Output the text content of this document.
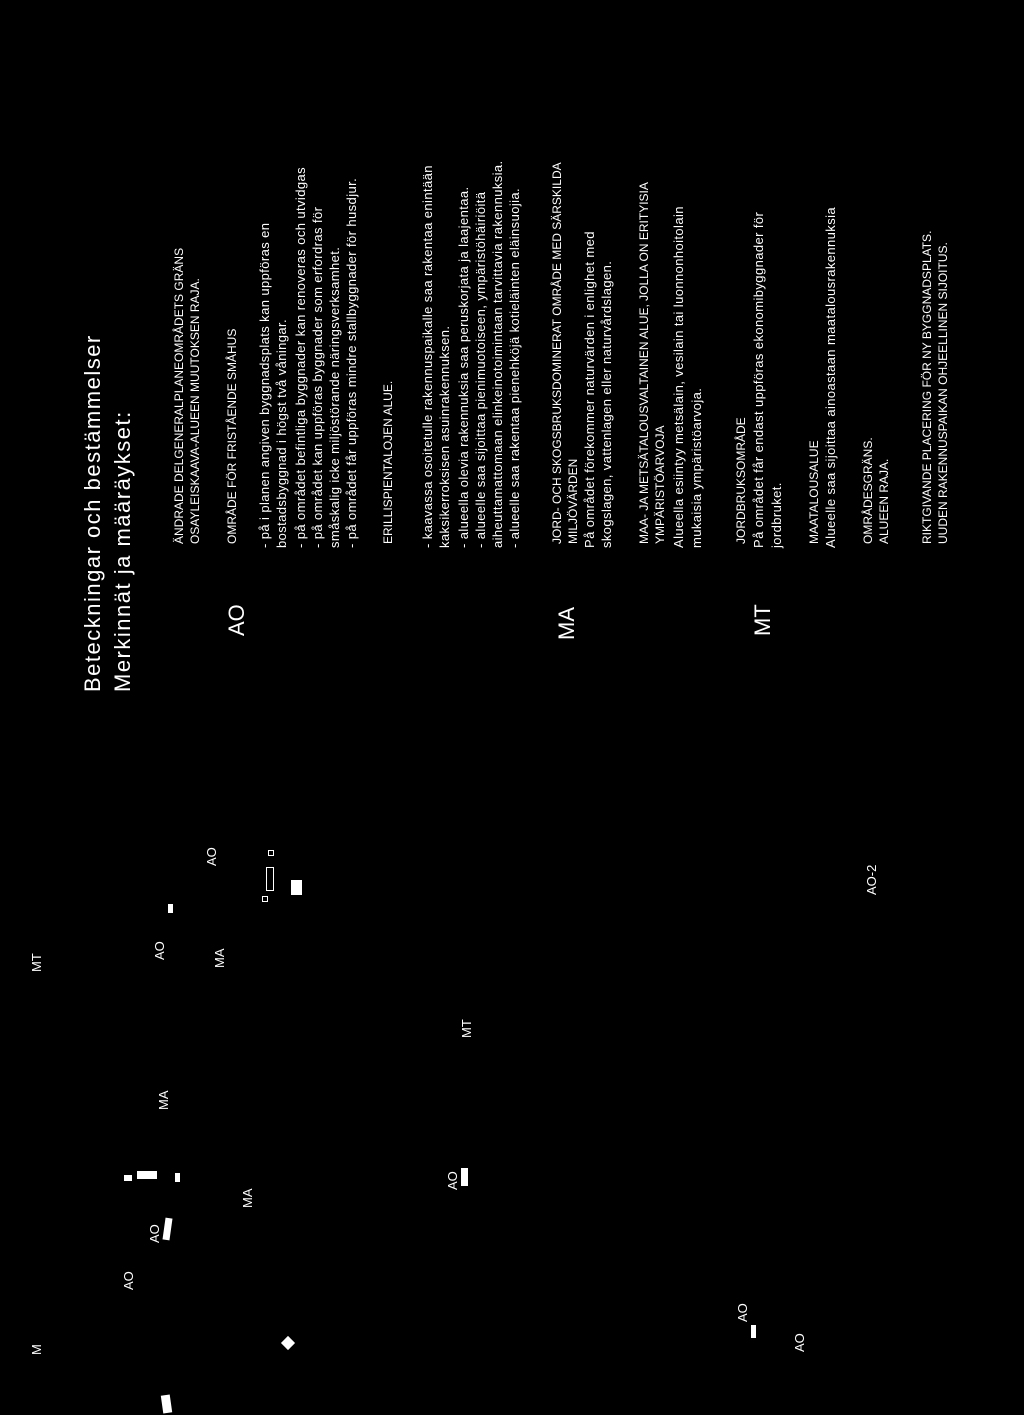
Beteckningar och bestämmelser Merkinnät ja määräykset:
ÄNDRADE DELGENERALPLANEOMRÅDETS GRÄNS OSAYLEISKAAVA-ALUEEN MUUTOKSEN RAJA.
AO
OMRÅDE FÖR FRISTÅENDE SMÅHUS - på i planen angiven byggnadsplats kan uppföras en bostadsbyggnad i högst två våningar. - på området befintliga byggnader kan renoveras och utvidgas - på området kan uppföras byggnader som erfordras för småskalig icke miljöstörande näringsverksamhet. - på området får uppföras mindre stallbyggnader för husdjur. ERILLISPIENTALOJEN ALUE. - kaavassa osoitetulle rakennuspaikalle saa rakentaa enintään kaksikerroksisen asuinrakennuksen. - alueella olevia rakennuksia saa peruskorjata ja laajentaa. - alueelle saa sijoittaa pienimuotoiseen, ympäristöhäiriöitä aiheuttamattomaan elinkeinotoimintaan tarvittavia rakennuksia. - alueelle saa rakentaa pienehköjä kotieläinten eläinsuojia.
MA
JORD- OCH SKOGSBRUKSDOMINERAT OMRÅDE MED SÄRSKILDA MILJÖVÄRDEN På området förekommer naturvärden i enlighet med skogslagen, vattenlagen eller naturvårdslagen. MAA- JA METSÄTALOUSVALTAINEN ALUE, JOLLA ON ERITYISIA YMPÄRISTÖARVOJA Alueella esiintyy metsälain, vesilain tai luonnonhoitolain mukaisia ympäristöarvoja.
MT
JORDBRUKSOMRÅDE På området får endast uppföras ekonomibyggnader för jordbruket. MAATALOUSALUE Alueelle saa sijoittaa ainoastaan maatalousrakennuksia OMRÅDESGRÄNS. ALUEEN RAJA. RIKTGIVANDE PLACERING FÖR NY BYGGNADSPLATS. UUDEN RAKENNUSPAIKAN OHJEELLINEN SIJOITUS.
MT
M
AO
MT
AO
MA
AO
AO
AO
AO
MA
MA
AO-2
AO
